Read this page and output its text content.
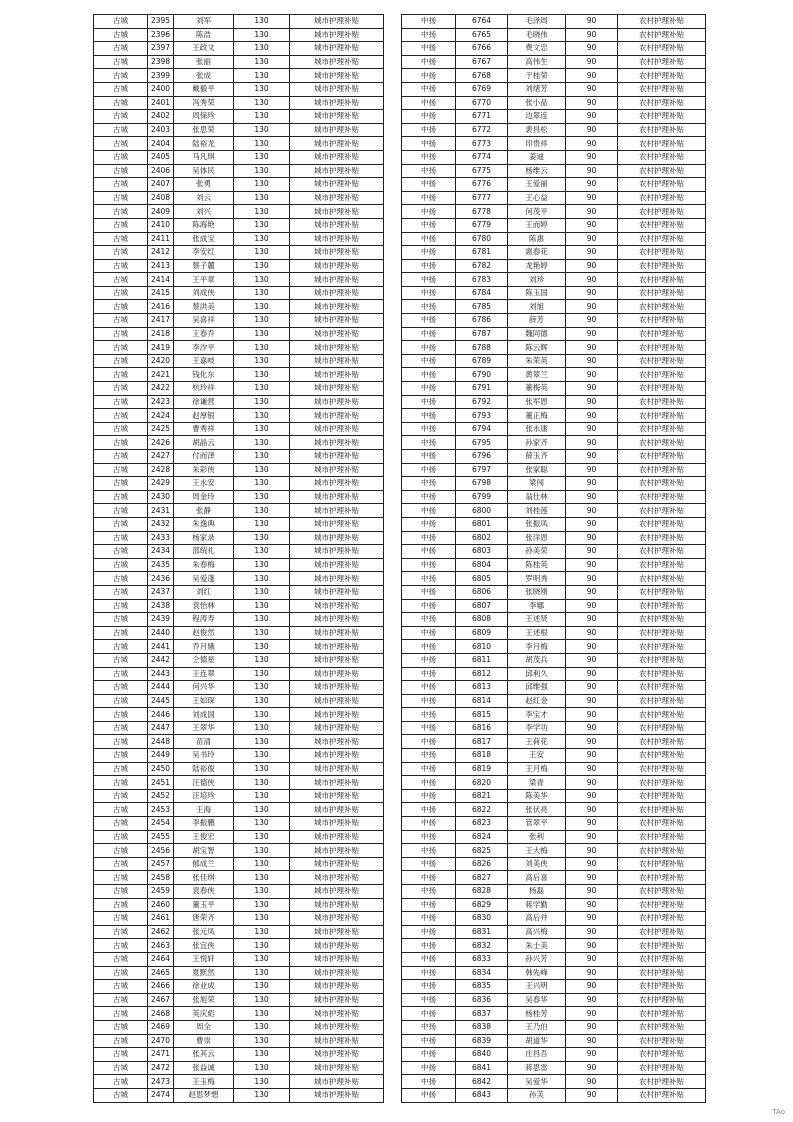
古城	2395	刘军	130	城市护理补贴
古城	2396	陈浩	130	城市护理补贴
古城	2397	王政文	130	城市护理补贴
古城	2398	张丽	130	城市护理补贴
古城	2399	张成	130	城市护理补贴
古城	2400	戴毅平	130	城市护理补贴
古城	2401	冯秀荣	130	城市护理补贴
古城	2402	周保珍	130	城市护理补贴
古城	2403	张思荣	130	城市护理补贴
古城	2404	陆裕龙	130	城市护理补贴
古城	2405	马凡琪	130	城市护理补贴
古城	2406	吴体民	130	城市护理补贴
古城	2407	张勇	130	城市护理补贴
古城	2408	刘云	130	城市护理补贴
古城	2409	刘兴	130	城市护理补贴
古城	2410	陈海艳	130	城市护理补贴
古城	2411	张成宝	130	城市护理补贴
古城	2412	李安红	130	城市护理补贴
古城	2413	蔡子麓	130	城市护理补贴
古城	2414	王平章	130	城市护理补贴
古城	2415	刘成侠	130	城市护理补贴
古城	2416	蔡洪美	130	城市护理补贴
古城	2417	吴喜祥	130	城市护理补贴
古城	2418	王春乔	130	城市护理补贴
古城	2419	李汐平	130	城市护理补贴
古城	2420	王嘉岐	130	城市护理补贴
古城	2421	钱化东	130	城市护理补贴
古城	2422	杭玲祥	130	城市护理补贴
古城	2423	徐谦营	130	城市护理补贴
古城	2424	赵厚银	130	城市护理补贴
古城	2425	曹秀祥	130	城市护理补贴
古城	2426	胡晶云	130	城市护理补贴
古城	2427	付而泽	130	城市护理补贴
古城	2428	朱彩侠	130	城市护理补贴
古城	2429	王永安	130	城市护理补贴
古城	2430	周金玲	130	城市护理补贴
古城	2431	张静	130	城市护理补贴
古城	2432	朱逸典	130	城市护理补贴
古城	2433	杨家录	130	城市护理补贴
古城	2434	邵统礼	130	城市护理补贴
古城	2435	朱春梅	130	城市护理补贴
古城	2436	吴爱蓬	130	城市护理补贴
古城	2437	刘红	130	城市护理补贴
古城	2438	袁怡林	130	城市护理补贴
古城	2439	程涛寿	130	城市护理补贴
古城	2440	赵俊然	130	城市护理补贴
古城	2441	乔月娥	130	城市护理补贴
古城	2442	仝德星	130	城市护理补贴
古城	2443	王连翠	130	城市护理补贴
古城	2444	何兴华	130	城市护理补贴
古城	2445	王如琛	130	城市护理补贴
古城	2446	刘成国	130	城市护理补贴
古城	2447	王翠华	130	城市护理补贴
古城	2448	苗清	130	城市护理补贴
古城	2449	吴书玲	130	城市护理补贴
古城	2450	陆裕俊	130	城市护理补贴
古城	2451	汪德侠	130	城市护理补贴
古城	2452	汪培珍	130	城市护理补贴
古城	2453	王海	130	城市护理补贴
古城	2454	李振鹏	130	城市护理补贴
古城	2455	王俊宏	130	城市护理补贴
古城	2456	胡宝智	130	城市护理补贴
古城	2457	郁成兰	130	城市护理补贴
古城	2458	张佳琪	130	城市护理补贴
古城	2459	袁春侠	130	城市护理补贴
古城	2460	董玉平	130	城市护理补贴
古城	2461	唐荣齐	130	城市护理补贴
古城	2462	张元凤	130	城市护理补贴
古城	2463	张宜侠	130	城市护理补贴
古城	2464	王悦轩	130	城市护理补贴
古城	2465	夏默然	130	城市护理补贴
古城	2466	徐业成	130	城市护理补贴
古城	2467	张旭荣	130	城市护理补贴
古城	2468	英庆彪	130	城市护理补贴
古城	2469	周全	130	城市护理补贴
古城	2470	曹崇	130	城市护理补贴
古城	2471	张其云	130	城市护理补贴
古城	2472	张益诚	130	城市护理补贴
古城	2473	王玉梅	130	城市护理补贴
古城	2474	赵思梦想	130	城市护理补贴
中扬	6764	毛泽周	90	农村护理补贴
中扬	6765	毛晓伟	90	农村护理补贴
中扬	6766	费文忠	90	农村护理补贴
中扬	6767	高伟生	90	农村护理补贴
中扬	6768	于桂荣	90	农村护理补贴
中扬	6769	刘绪芳	90	农村护理补贴
中扬	6770	张小品	90	农村护理补贴
中扬	6771	边翠连	90	农村护理补贴
中扬	6772	裴昌松	90	农村护理补贴
中扬	6773	印贵祥	90	农村护理补贴
中扬	6774	姜迪	90	农村护理补贴
中扬	6775	杨维云	90	农村护理补贴
中扬	6776	王爱丽	90	农村护理补贴
中扬	6777	王心益	90	农村护理补贴
中扬	6778	何茂平	90	农村护理补贴
中扬	6779	王而婷	90	农村护理补贴
中扬	6780	陈惠	90	农村护理补贴
中扬	6781	惠春花	90	农村护理补贴
中扬	6782	龙艳婷	90	农村护理补贴
中扬	6783	刘珍	90	农村护理补贴
中扬	6784	陈玉国	90	农村护理补贴
中扬	6785	刘旭	90	农村护理补贴
中扬	6786	薛芳	90	农村护理补贴
中扬	6787	魏同德	90	农村护理补贴
中扬	6788	陈云辉	90	农村护理补贴
中扬	6789	朱荣英	90	农村护理补贴
中扬	6790	黄翠兰	90	农村护理补贴
中扬	6791	董梅英	90	农村护理补贴
中扬	6792	张军恩	90	农村护理补贴
中扬	6793	董正梅	90	农村护理补贴
中扬	6794	张永康	90	农村护理补贴
中扬	6795	孙家齐	90	农村护理补贴
中扬	6796	薛玉齐	90	农村护理补贴
中扬	6797	张家聪	90	农村护理补贴
中扬	6798	梁闯	90	农村护理补贴
中扬	6799	翁仕林	90	农村护理补贴
中扬	6800	刘桂莲	90	农村护理补贴
中扬	6801	张振凤	90	农村护理补贴
中扬	6802	张洋恩	90	农村护理补贴
中扬	6803	孙美荣	90	农村护理补贴
中扬	6804	陈桂英	90	农村护理补贴
中扬	6805	罗明秀	90	农村护理补贴
中扬	6806	张晓刚	90	农村护理补贴
中扬	6807	李娜	90	农村护理补贴
中扬	6808	王述贤	90	农村护理补贴
中扬	6809	王述根	90	农村护理补贴
中扬	6810	李月梅	90	农村护理补贴
中扬	6811	胡茂兵	90	农村护理补贴
中扬	6812	邱利久	90	农村护理补贴
中扬	6813	邱维强	90	农村护理补贴
中扬	6814	赵红金	90	农村护理补贴
中扬	6815	李宝才	90	农村护理补贴
中扬	6816	李学功	90	农村护理补贴
中扬	6817	王荷花	90	农村护理补贴
中扬	6818	王安	90	农村护理补贴
中扬	6819	王月梅	90	农村护理补贴
中扬	6820	梁青	90	农村护理补贴
中扬	6821	陈美华	90	农村护理补贴
中扬	6822	张伏亮	90	农村护理补贴
中扬	6823	管翠平	90	农村护理补贴
中扬	6824	张利	90	农村护理补贴
中扬	6825	王大梅	90	农村护理补贴
中扬	6826	刘美侠	90	农村护理补贴
中扬	6827	高后喜	90	农村护理补贴
中扬	6828	杨磊	90	农村护理补贴
中扬	6829	蒋学勤	90	农村护理补贴
中扬	6830	高后并	90	农村护理补贴
中扬	6831	高兴梅	90	农村护理补贴
中扬	6832	朱士美	90	农村护理补贴
中扬	6833	孙兴芳	90	农村护理补贴
中扬	6834	韩先峰	90	农村护理补贴
中扬	6835	王兴明	90	农村护理补贴
中扬	6836	吴春华	90	农村护理补贴
中扬	6837	杨桂芳	90	农村护理补贴
中扬	6838	王乃伯	90	农村护理补贴
中扬	6839	胡道华	90	农村护理补贴
中扬	6840	庄昌吾	90	农村护理补贴
中扬	6841	蒋思雷	90	农村护理补贴
中扬	6842	吴爱华	90	农村护理补贴
中扬	6843	孙芙	90	农村护理补贴
TAo
